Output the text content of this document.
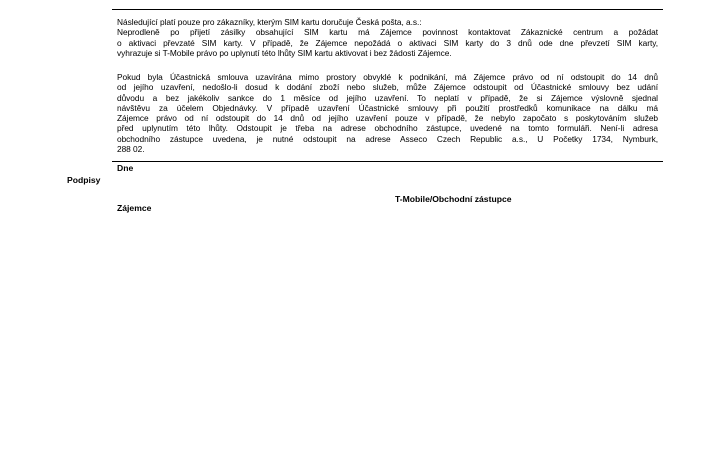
Následující platí pouze pro zákazníky, kterým SIM kartu doručuje Česká pošta, a.s.:
Neprodleně po přijetí zásilky obsahující SIM kartu má Zájemce povinnost kontaktovat Zákaznické centrum a požádat
o aktivaci převzaté SIM karty. V případě, že Zájemce nepožádá o aktivaci SIM karty do 3 dnů ode dne převzetí SIM karty,
vyhrazuje si T-Mobile právo po uplynutí této lhůty SIM kartu aktivovat i bez žádosti Zájemce.
Pokud byla Účastnická smlouva uzavírána mimo prostory obvyklé k podnikání, má Zájemce právo od ní odstoupit do 14 dnů
od jejího uzavření, nedošlo-li dosud k dodání zboží nebo služeb, může Zájemce odstoupit od Účastnické smlouvy bez udání
důvodu a bez jakékoliv sankce do 1 měsíce od jejího uzavření. To neplatí v případě, že si Zájemce výslovně sjednal
návštěvu za účelem Objednávky. V případě uzavření Účastnické smlouvy při použití prostředků komunikace na dálku má
Zájemce právo od ní odstoupit do 14 dnů od jejího uzavření pouze v případě, že nebylo započato s poskytováním služeb
před uplynutím této lhůty. Odstoupit je třeba na adrese obchodního zástupce, uvedené na tomto formuláři. Není-li adresa
obchodního zástupce uvedena, je nutné odstoupit na adrese Asseco Czech Republic a.s., U Početky 1734, Nymburk,
288 02.
Dne
Podpisy
T-Mobile/Obchodní zástupce
Zájemce
